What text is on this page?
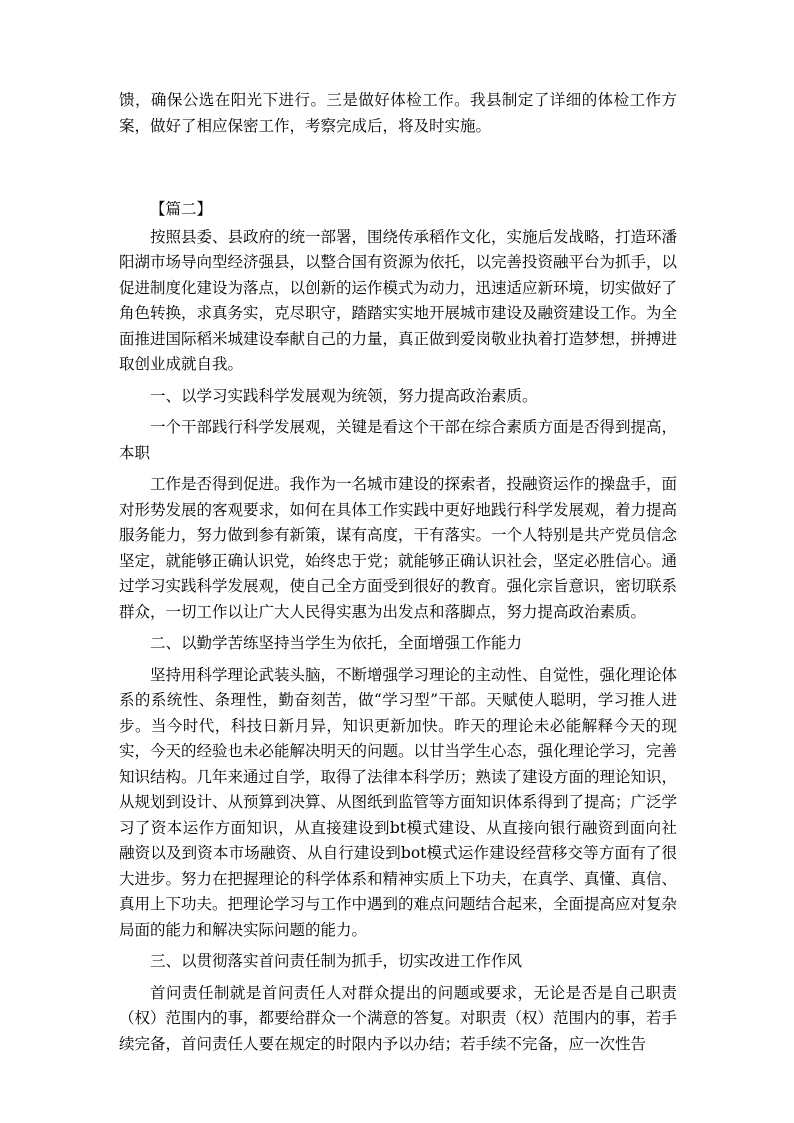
馈，确保公选在阳光下进行。三是做好体检工作。我县制定了详细的体检工作方案，做好了相应保密工作，考察完成后，将及时实施。

【篇二】

按照县委、县政府的统一部署，围绕传承稻作文化，实施后发战略，打造环潘阳湖市场导向型经济强县，以整合国有资源为依托，以完善投资融平台为抓手，以促进制度化建设为落点，以创新的运作模式为动力，迅速适应新环境，切实做好了角色转换，求真务实，克尽职守，踏踏实实地开展城市建设及融资建设工作。为全面推进国际稻米城建设奉献自己的力量，真正做到爱岗敬业执着打造梦想，拼搏进取创业成就自我。

一、以学习实践科学发展观为统领，努力提高政治素质。

一个干部践行科学发展观，关键是看这个干部在综合素质方面是否得到提高，本职

工作是否得到促进。我作为一名城市建设的探索者，投融资运作的操盘手，面对形势发展的客观要求，如何在具体工作实践中更好地践行科学发展观，着力提高服务能力，努力做到参有新策，谋有高度，干有落实。一个人特别是共产党员信念坚定，就能够正确认识党，始终忠于党；就能够正确认识社会，坚定必胜信心。通过学习实践科学发展观，使自己全方面受到很好的教育。强化宗旨意识，密切联系群众，一切工作以让广大人民得实惠为出发点和落脚点，努力提高政治素质。

二、以勤学苦练坚持当学生为依托，全面增强工作能力

坚持用科学理论武装头脑，不断增强学习理论的主动性、自觉性，强化理论体系的系统性、条理性，勤奋刻苦，做“学习型”干部。天赋使人聪明，学习推人进步。当今时代，科技日新月异，知识更新加快。昨天的理论未必能解释今天的现实，今天的经验也未必能解决明天的问题。以甘当学生心态，强化理论学习，完善知识结构。几年来通过自学，取得了法律本科学历；熟读了建设方面的理论知识，从规划到设计、从预算到决算、从图纸到监管等方面知识体系得到了提高；广泛学习了资本运作方面知识，从直接建设到bt模式建设、从直接向银行融资到面向社融资以及到资本市场融资、从自行建设到bot模式运作建设经营移交等方面有了很大进步。努力在把握理论的科学体系和精神实质上下功夫，在真学、真懂、真信、真用上下功夫。把理论学习与工作中遇到的难点问题结合起来，全面提高应对复杂局面的能力和解决实际问题的能力。

三、以贯彻落实首问责任制为抓手，切实改进工作作风

首问责任制就是首问责任人对群众提出的问题或要求，无论是否是自己职责（权）范围内的事，都要给群众一个满意的答复。对职责（权）范围内的事，若手续完备，首问责任人要在规定的时限内予以办结；若手续不完备，应一次性告
